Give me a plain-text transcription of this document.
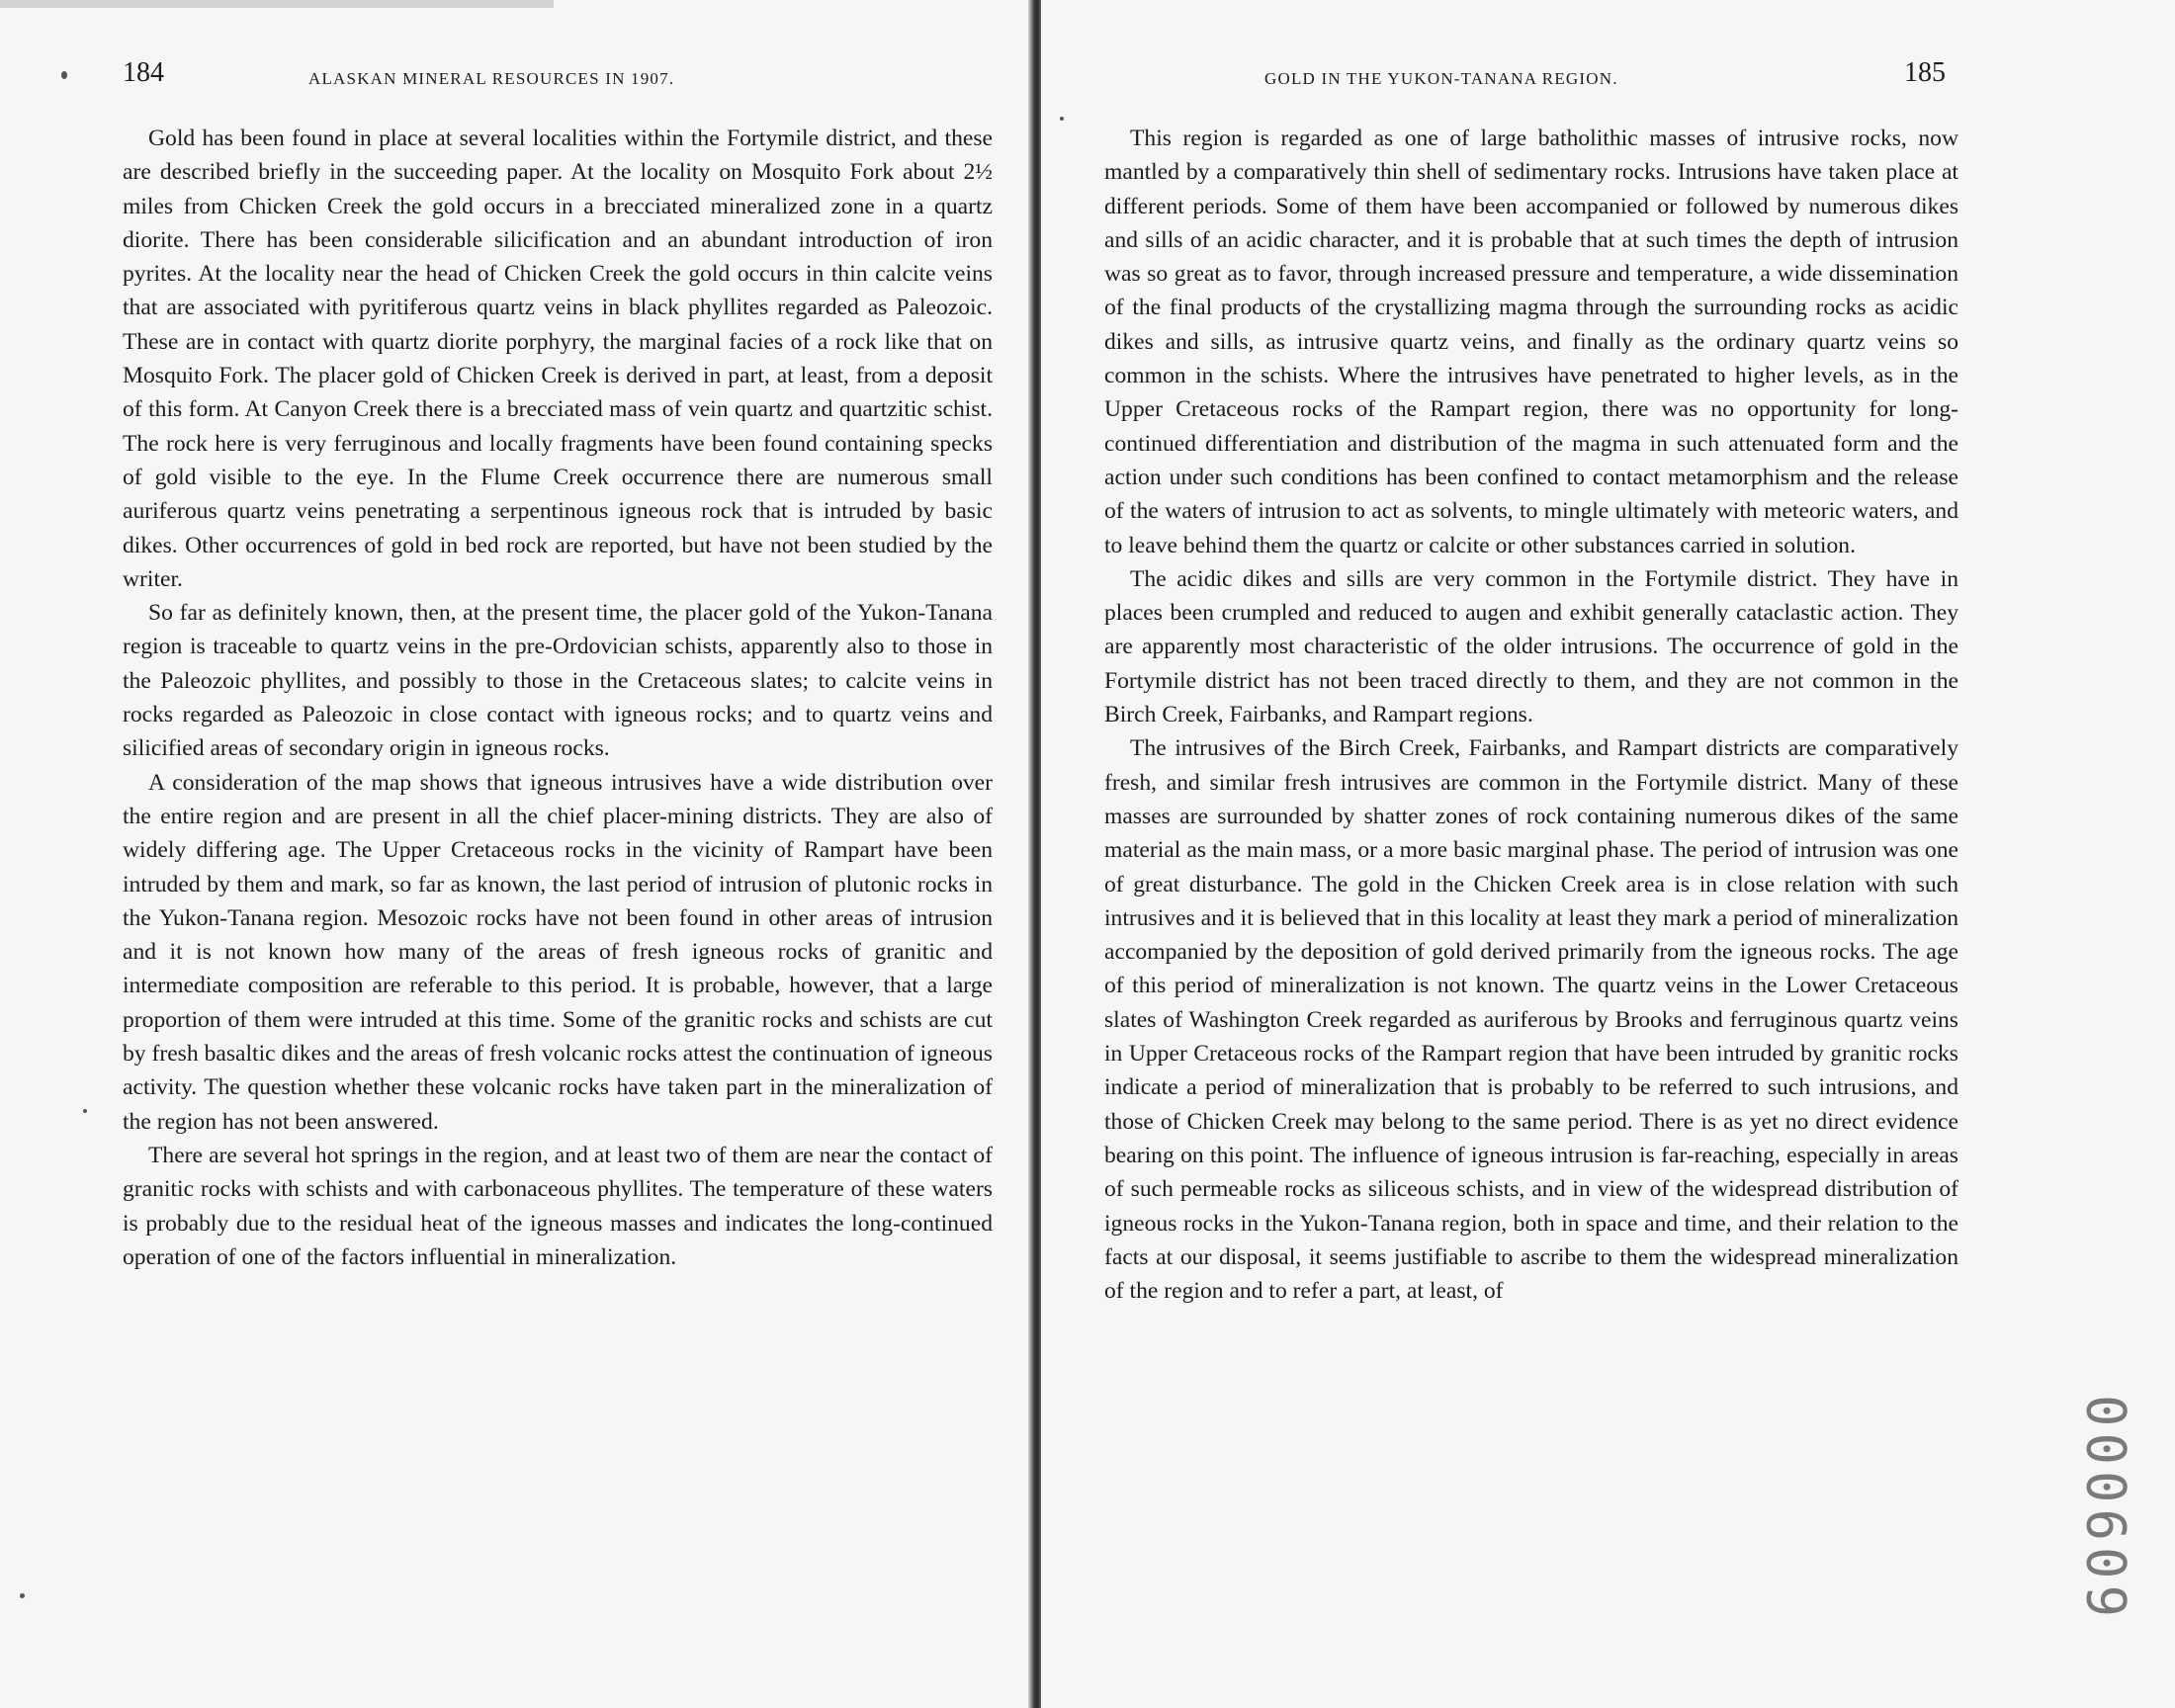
184	ALASKAN MINERAL RESOURCES IN 1907.

Gold has been found in place at several localities within the Fortymile district, and these are described briefly in the succeeding paper. At the locality on Mosquito Fork about 2½ miles from Chicken Creek the gold occurs in a brecciated mineralized zone in a quartz diorite. There has been considerable silicification and an abundant introduction of iron pyrites. At the locality near the head of Chicken Creek the gold occurs in thin calcite veins that are associated with pyritiferous quartz veins in black phyllites regarded as Paleozoic. These are in contact with quartz diorite porphyry, the marginal facies of a rock like that on Mosquito Fork. The placer gold of Chicken Creek is derived in part, at least, from a deposit of this form. At Canyon Creek there is a brecciated mass of vein quartz and quartzitic schist. The rock here is very ferruginous and locally fragments have been found containing specks of gold visible to the eye. In the Flume Creek occurrence there are numerous small auriferous quartz veins penetrating a serpentinous igneous rock that is intruded by basic dikes. Other occurrences of gold in bed rock are reported, but have not been studied by the writer.

So far as definitely known, then, at the present time, the placer gold of the Yukon-Tanana region is traceable to quartz veins in the pre-Ordovician schists, apparently also to those in the Paleozoic phyllites, and possibly to those in the Cretaceous slates; to calcite veins in rocks regarded as Paleozoic in close contact with igneous rocks; and to quartz veins and silicified areas of secondary origin in igneous rocks.

A consideration of the map shows that igneous intrusives have a wide distribution over the entire region and are present in all the chief placer-mining districts. They are also of widely differing age. The Upper Cretaceous rocks in the vicinity of Rampart have been intruded by them and mark, so far as known, the last period of intrusion of plutonic rocks in the Yukon-Tanana region. Mesozoic rocks have not been found in other areas of intrusion and it is not known how many of the areas of fresh igneous rocks of granitic and intermediate composition are referable to this period. It is probable, however, that a large proportion of them were intruded at this time. Some of the granitic rocks and schists are cut by fresh basaltic dikes and the areas of fresh volcanic rocks attest the continuation of igneous activity. The question whether these volcanic rocks have taken part in the mineralization of the region has not been answered.

There are several hot springs in the region, and at least two of them are near the contact of granitic rocks with schists and with carbonaceous phyllites. The temperature of these waters is probably due to the residual heat of the igneous masses and indicates the long-continued operation of one of the factors influential in mineralization.

GOLD IN THE YUKON-TANANA REGION.	185

This region is regarded as one of large batholithic masses of intrusive rocks, now mantled by a comparatively thin shell of sedimentary rocks. Intrusions have taken place at different periods. Some of them have been accompanied or followed by numerous dikes and sills of an acidic character, and it is probable that at such times the depth of intrusion was so great as to favor, through increased pressure and temperature, a wide dissemination of the final products of the crystallizing magma through the surrounding rocks as acidic dikes and sills, as intrusive quartz veins, and finally as the ordinary quartz veins so common in the schists. Where the intrusives have penetrated to higher levels, as in the Upper Cretaceous rocks of the Rampart region, there was no opportunity for long-continued differentiation and distribution of the magma in such attenuated form and the action under such conditions has been confined to contact metamorphism and the release of the waters of intrusion to act as solvents, to mingle ultimately with meteoric waters, and to leave behind them the quartz or calcite or other substances carried in solution.

The acidic dikes and sills are very common in the Fortymile district. They have in places been crumpled and reduced to augen and exhibit generally cataclastic action. They are apparently most characteristic of the older intrusions. The occurrence of gold in the Fortymile district has not been traced directly to them, and they are not common in the Birch Creek, Fairbanks, and Rampart regions.

The intrusives of the Birch Creek, Fairbanks, and Rampart districts are comparatively fresh, and similar fresh intrusives are common in the Fortymile district. Many of these masses are surrounded by shatter zones of rock containing numerous dikes of the same material as the main mass, or a more basic marginal phase. The period of intrusion was one of great disturbance. The gold in the Chicken Creek area is in close relation with such intrusives and it is believed that in this locality at least they mark a period of mineralization accompanied by the deposition of gold derived primarily from the igneous rocks. The age of this period of mineralization is not known. The quartz veins in the Lower Cretaceous slates of Washington Creek regarded as auriferous by Brooks and ferruginous quartz veins in Upper Cretaceous rocks of the Rampart region that have been intruded by granitic rocks indicate a period of mineralization that is probably to be referred to such intrusions, and those of Chicken Creek may belong to the same period. There is as yet no direct evidence bearing on this point. The influence of igneous intrusion is far-reaching, especially in areas of such permeable rocks as siliceous schists, and in view of the widespread distribution of igneous rocks in the Yukon-Tanana region, both in space and time, and their relation to the facts at our disposal, it seems justifiable to ascribe to them the widespread mineralization of the region and to refer a part, at least, of

000609
